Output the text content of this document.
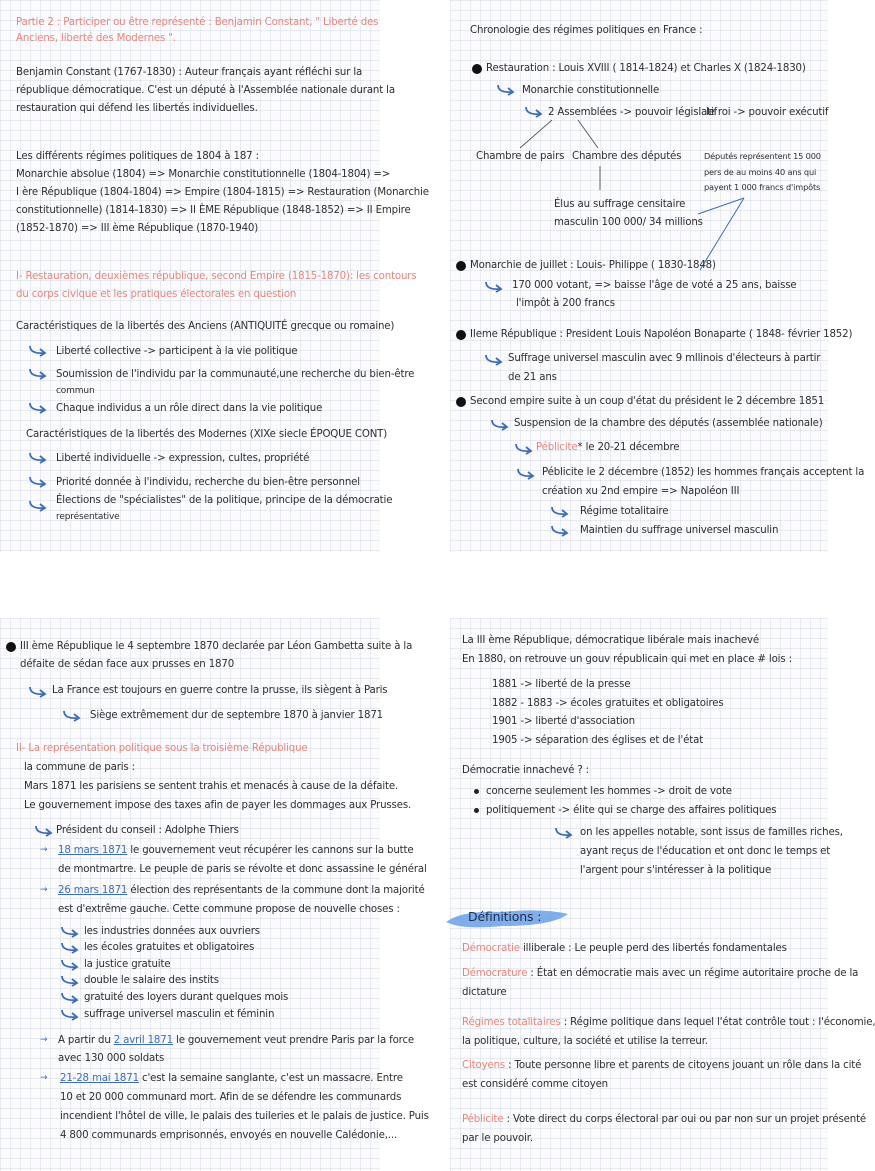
Partie 2 : Participer ou être représenté : Benjamin Constant, " Liberté des
Anciens, liberté des Modernes ".
Benjamin Constant (1767-1830) : Auteur français ayant réfléchi sur la
république démocratique. C'est un député à l'Assemblée nationale durant la
restauration qui défend les libertés individuelles.
Les différents régimes politiques de 1804 à 187 :
Monarchie absolue (1804) => Monarchie constitutionnelle (1804-1804) =>
I ère République (1804-1804) => Empire (1804-1815) => Restauration (Monarchie
constitutionnelle) (1814-1830) => II ÈME République (1848-1852) => II Empire
(1852-1870) => III ème République (1870-1940)
I- Restauration, deuxièmes république, second Empire (1815-1870): les contours
du corps civique et les pratiques électorales en question
Caractéristiques de la libertés des Anciens (ANTIQUITÉ grecque ou romaine)
Liberté collective -> participent à la vie politique
Soumission de l'individu par la communauté,une recherche du bien-être
commun
Chaque individus a un rôle direct dans la vie politique
Caractéristiques de la libertés des Modernes (XIXe siecle ÉPOQUE CONT)
Liberté individuelle -> expression, cultes, propriété
Priorité donnée à l'individu, recherche du bien-être personnel
Élections de "spécialistes" de la politique, principe de la démocratie
représentative
Chronologie des régimes politiques en France :
Restauration : Louis XVIII ( 1814-1824) et Charles X (1824-1830)
Monarchie constitutionnelle
2 Assemblées -> pouvoir législatif
le roi -> pouvoir exécutif
Chambre de pairs Chambre des députés	Députés représentent 15 000
pers de au moins 40 ans qui
payent 1 000 francs d'impôts
Élus au suffrage censitaire
masculin 100 000/ 34 millions
Monarchie de juillet : Louis- Philippe ( 1830-1848)
170 000 votant, => baisse l'âge de voté a 25 ans, baisse
l'impôt à 200 francs
IIeme République : President Louis Napoléon Bonaparte ( 1848- février 1852)
Suffrage universel masculin avec 9 mllinois d'électeurs à partir
de 21 ans
Second empire suite à un coup d'état du président le 2 décembre 1851
Suspension de la chambre des députés (assemblée nationale)
Péblicite* le 20-21 décembre
Péblicite le 2 décembre (1852) les hommes français acceptent la
création xu 2nd empire => Napoléon III
Régime totalitaire
Maintien du suffrage universel masculin
III ème République le 4 septembre 1870 declarée par Léon Gambetta suite à la
défaite de sédan face aux prusses en 1870
La France est toujours en guerre contre la prusse, ils siègent à Paris
Siège extrêmement dur de septembre 1870 à janvier 1871
II- La représentation politique sous la troisième République
la commune de paris :
Mars 1871 les parisiens se sentent trahis et menacés à cause de la défaite.
Le gouvernement impose des taxes afin de payer les dommages aux Prusses.
Président du conseil : Adolphe Thiers
→ 18 mars 1871 le gouvernement veut récupérer les cannons sur la butte
de montmartre. Le peuple de paris se révolte et donc assassine le général
→ 26 mars 1871 élection des représentants de la commune dont la majorité
est d'extrême gauche. Cette commune propose de nouvelle choses :
les industries données aux ouvriers
les écoles gratuites et obligatoires
la justice gratuite
double le salaire des instits
gratuité des loyers durant quelques mois
suffrage universel masculin et féminin
→ A partir du 2 avril 1871 le gouvernement veut prendre Paris par la force
avec 130 000 soldats
→ 21-28 mai 1871 c'est la semaine sanglante, c'est un massacre. Entre
10 et 20 000 communard mort. Afin de se défendre les communards
incendient l'hôtel de ville, le palais des tuileries et le palais de justice. Puis
4 800 communards emprisonnés, envoyés en nouvelle Calédonie,...
La III ème République, démocratique libérale mais inachevé
En 1880, on retrouve un gouv républicain qui met en place # lois :
1881 -> liberté de la presse
1882 - 1883 -> écoles gratuites et obligatoires
1901 -> liberté d'association
1905 -> séparation des églises et de l'état
Démocratie innachevé ? :
concerne seulement les hommes -> droit de vote
politiquement -> élite qui se charge des affaires politiques
on les appelles notable, sont issus de familles riches,
ayant reçus de l'éducation et ont donc le temps et
l'argent pour s'intéresser à la politique
Définitions :
Démocratie illiberale : Le peuple perd des libertés fondamentales
Démocrature : État en démocratie mais avec un régime autoritaire proche de la
dictature
Régimes totalitaires : Régime politique dans lequel l'état contrôle tout : l'économie,
la politique, culture, la société et utilise la terreur.
Citoyens : Toute personne libre et parents de citoyens jouant un rôle dans la cité
est considéré comme citoyen
Péblicite : Vote direct du corps électoral par oui ou par non sur un projet présenté
par le pouvoir.
